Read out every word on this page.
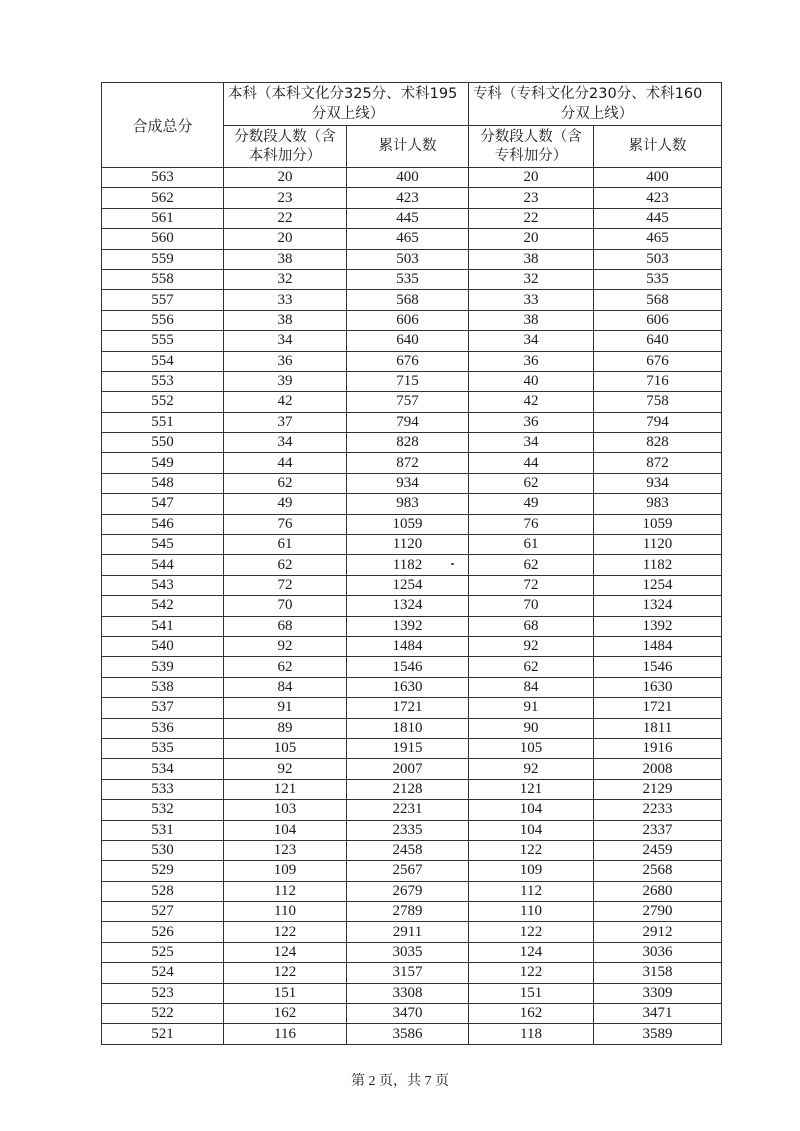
合成总分	本科（本科文化分325分、术科195
分双上线）		专科（专科文化分230分、术科160
分双上线）	

	分数段人数（含
本科加分）	累计人数	分数段人数（含
专科加分）	累计人数
563	20	400	20	400
562	23	423	23	423
561	22	445	22	445
560	20	465	20	465
559	38	503	38	503
558	32	535	32	535
557	33	568	33	568
556	38	606	38	606
555	34	640	34	640
554	36	676	36	676
553	39	715	40	716
552	42	757	42	758
551	37	794	36	794
550	34	828	34	828
549	44	872	44	872
548	62	934	62	934
547	49	983	49	983
546	76	1059	76	1059
545	61	1120	61	1120
544	62	1182	62	1182
543	72	1254	72	1254
542	70	1324	70	1324
541	68	1392	68	1392
540	92	1484	92	1484
539	62	1546	62	1546
538	84	1630	84	1630
537	91	1721	91	1721
536	89	1810	90	1811
535	105	1915	105	1916
534	92	2007	92	2008
533	121	2128	121	2129
532	103	2231	104	2233
531	104	2335	104	2337
530	123	2458	122	2459
529	109	2567	109	2568
528	112	2679	112	2680
527	110	2789	110	2790
526	122	2911	122	2912
525	124	3035	124	3036
524	122	3157	122	3158
523	151	3308	151	3309
522	162	3470	162	3471
521	116	3586	118	3589
第 2 页，共 7 页
